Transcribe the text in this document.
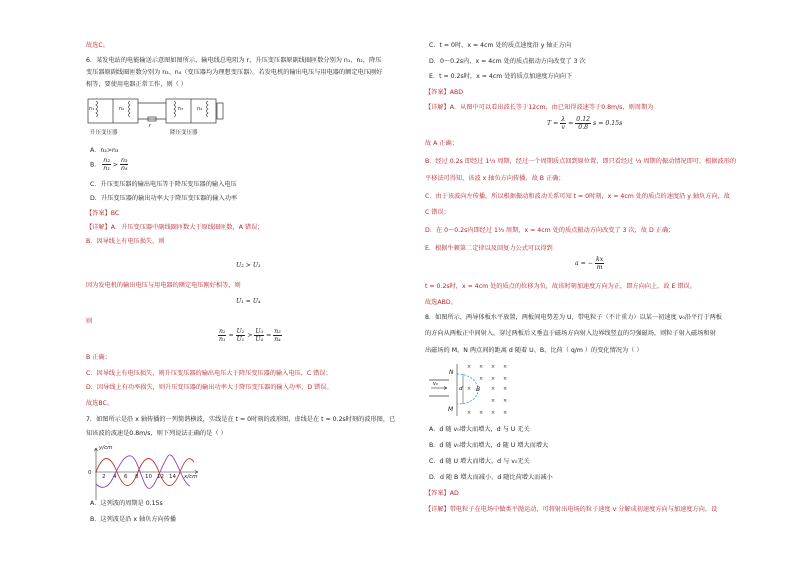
故选C。
6．某发电站的电能输送示意图如图所示，输电线总电阻为 r，升压变压器原副线圈匝数分别为 n₁、n₂，降压
变压器原副线圈匝数分别为 n₃、n₄（变压器均为理想变压器）。若发电机的输出电压与用电器的额定电压刚好
相等，要使用电器正常工作，则（ ）
n₁	n₂
r
n₃	n₄
升压变压器	降压变压器
A．n₂>n₃
B． $\frac{\text{n₂}}{\text{n₁}} > \frac{\text{n₃}}{\text{n₄}}$
C．升压变压器的输出电压等于降压变压器的输入电压
D．升压变压器的输出功率大于降压变压器的输入功率
【答案】BC
【详解】A．升压变压器中副线圈匝数大于原线圈匝数，A 错误；
B．因导线上有电压损失，则
U₂ > U₃
因为发电机的输出电压与用电器的额定电压刚好相等，则
U₁ = U₄
则
$\frac{\text{n₂}}{\text{n₁}} = \frac{\text{U₂}}{\text{U₁}} > \frac{\text{U₃}}{\text{U₄}} = \frac{\text{n₃}}{\text{n₄}}$
B 正确；
C．因导线上有电压损失，则升压变压器的输出电压大于降压变压器的输入电压，C 错误；
D．因导线上有功率损失，则升压变压器的输出功率大于降压变压器的输入功率，D 错误。
故选BC。
7．如图所示是沿 x 轴传播的一列简谐横波，实线是在 t = 0时刻的波形图，虚线是在 t = 0.2s时刻的波形图，已
知该波的波速是0.8m/s，则下列说法正确的是（ ）
y/cm
0
x/cm
2 4 6 8 10 12 14
A．这列波的周期是 0.15s
B．这列波是沿 x 轴负方向传播
C．t = 0时，x = 4cm 处的质点速度沿 y 轴正方向
D．0～0.2s内，x = 4cm 处的质点振动方向改变了 3 次
E．t = 0.2s时，x = 4cm 处的质点加速度方向向下
【答案】ABD
【详解】A．从图中可以看出波长等于12cm，由已知得波速等于0.8m/s，则周期为
$T = \frac{\lambda}{v} = \frac{0.12}{0.8}$ s = 0.15s
故 A 正确；
B．经过 0.2s 即经过 1⅓ 周期，经过一个周期质点回到原位置，即只看经过 ⅓ 周期的振动情况即可，根据波形的
平移法可得知，该波 x 轴负方向传播，故 B 正确；
C．由于该波向左传播，所以根据振动和波动关系可知 t = 0时刻，x = 4cm 处的质点的速度沿 y 轴负方向，故
C 错误；
D．在 0～0.2s内即经过 1⅓ 周期，x = 4cm 处的质点振动方向改变了 3 次，故 D 正确；
E．根据牛顿第二定律以及回复力公式可以得到
a = − $\frac{kx}{m}$
t = 0.2s时，x = 4cm 处的质点的位移为负，故该时刻加速度方向为正，即方向向上，故 E 错误。
故选ABD。
8．如图所示，两导体板水平放置，两板间电势差为 U，带电粒子（不计重力）以某一初速度 v₀沿平行于两板
的方向从两板正中间射入，穿过两板后又垂直于磁场方向射入边界线竖直的匀强磁场，则粒子射入磁场和射
出磁场的 M、N 两点间的距离 d 随着 U、B、比荷（ q/m ）的变化情况为（ ）
× × × ×
× × ×
×	× ×
× ×
× × × ×
v₀
N
M
d B
A．d 随 v₀增大而增大，d 与 U 无关
B．d 随 v₀增大而增大，d 随 U 增大而增大
C．d 随 U 增大而增大，d 与 v₀无关
D．d 随 B 增大而减小，d 随比荷增大而减小
【答案】AD
【详解】带电粒子在电场中做类平抛运动，可将射出电场的粒子速度 v 分解成初速度方向与加速度方向，设
